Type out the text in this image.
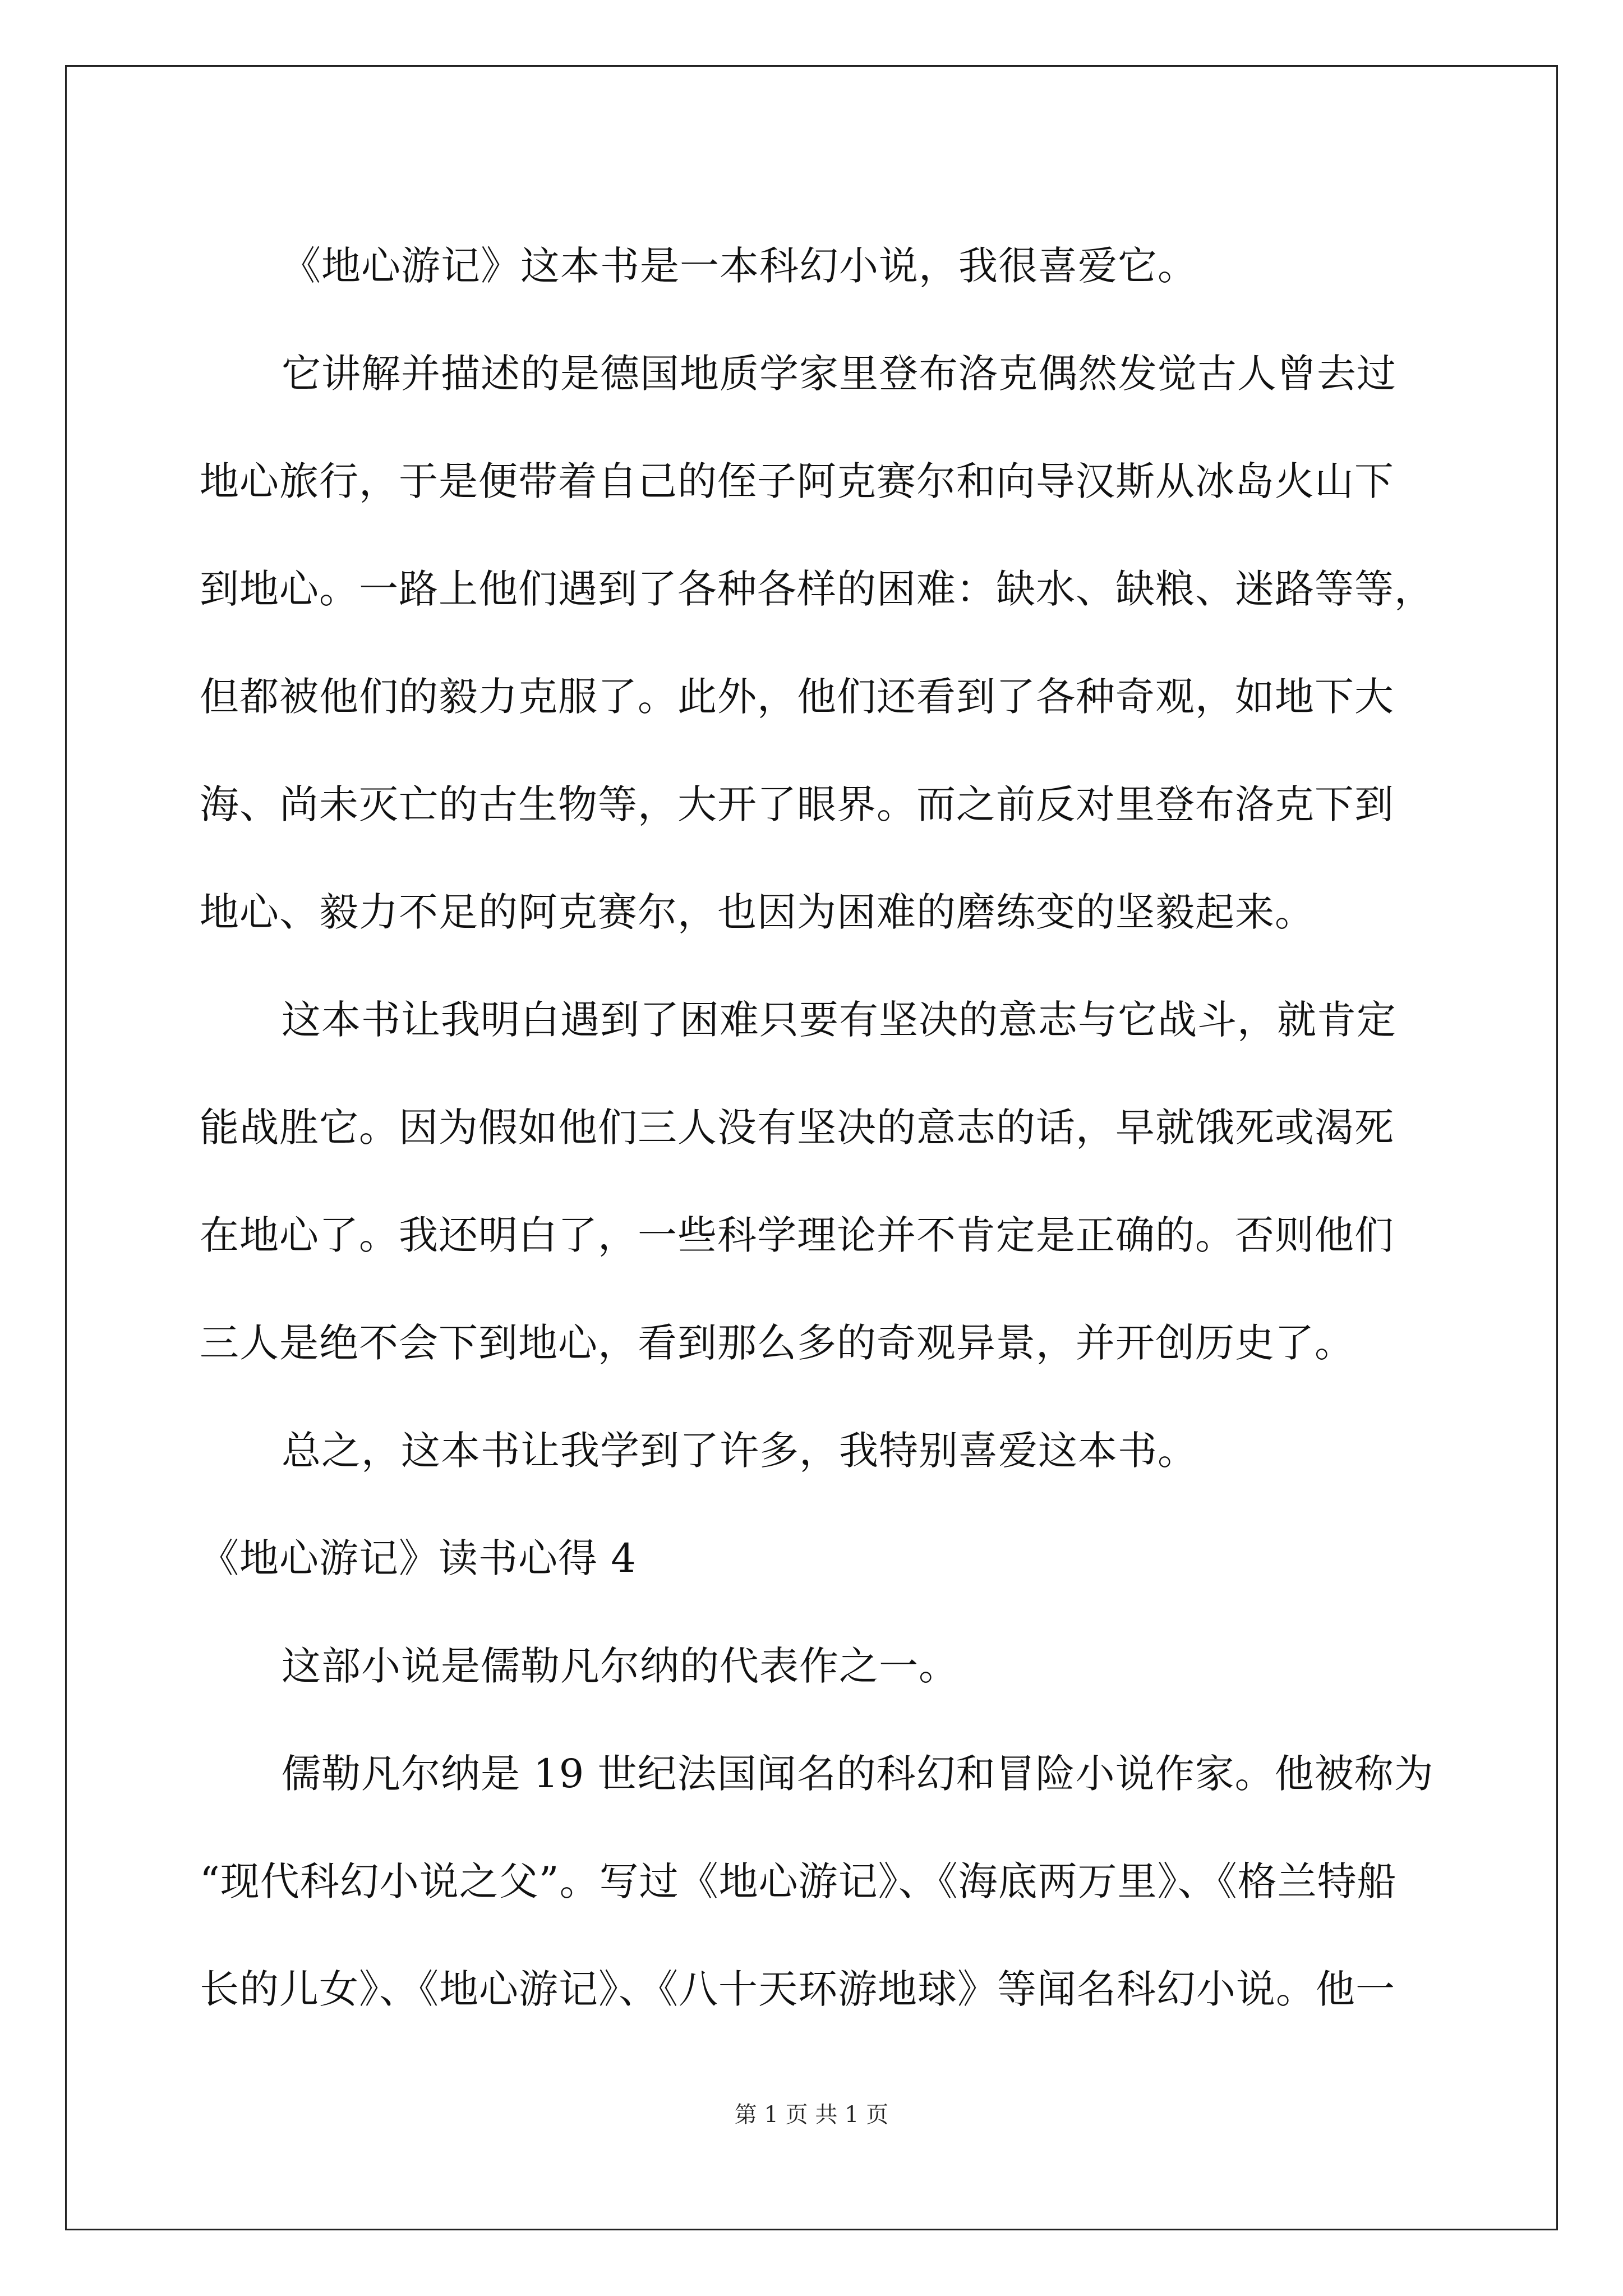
《地心游记》这本书是一本科幻小说，我很喜爱它。
它讲解并描述的是德国地质学家里登布洛克偶然发觉古人曾去过
地心旅行，于是便带着自己的侄子阿克赛尔和向导汉斯从冰岛火山下
到地心。一路上他们遇到了各种各样的困难：缺水、缺粮、迷路等等，
但都被他们的毅力克服了。此外，他们还看到了各种奇观，如地下大
海、尚未灭亡的古生物等，大开了眼界。而之前反对里登布洛克下到
地心、毅力不足的阿克赛尔，也因为困难的磨练变的坚毅起来。
这本书让我明白遇到了困难只要有坚决的意志与它战斗，就肯定
能战胜它。因为假如他们三人没有坚决的意志的话，早就饿死或渴死
在地心了。我还明白了，一些科学理论并不肯定是正确的。否则他们
三人是绝不会下到地心，看到那么多的奇观异景，并开创历史了。
总之，这本书让我学到了许多，我特别喜爱这本书。
《地心游记》读书心得 4
这部小说是儒勒凡尔纳的代表作之一。
儒勒凡尔纳是 19 世纪法国闻名的科幻和冒险小说作家。他被称为
“现代科幻小说之父”。写过《地心游记》、《海底两万里》、《格兰特船
长的儿女》、《地心游记》、《八十天环游地球》等闻名科幻小说。他一
第 1 页 共 1 页
